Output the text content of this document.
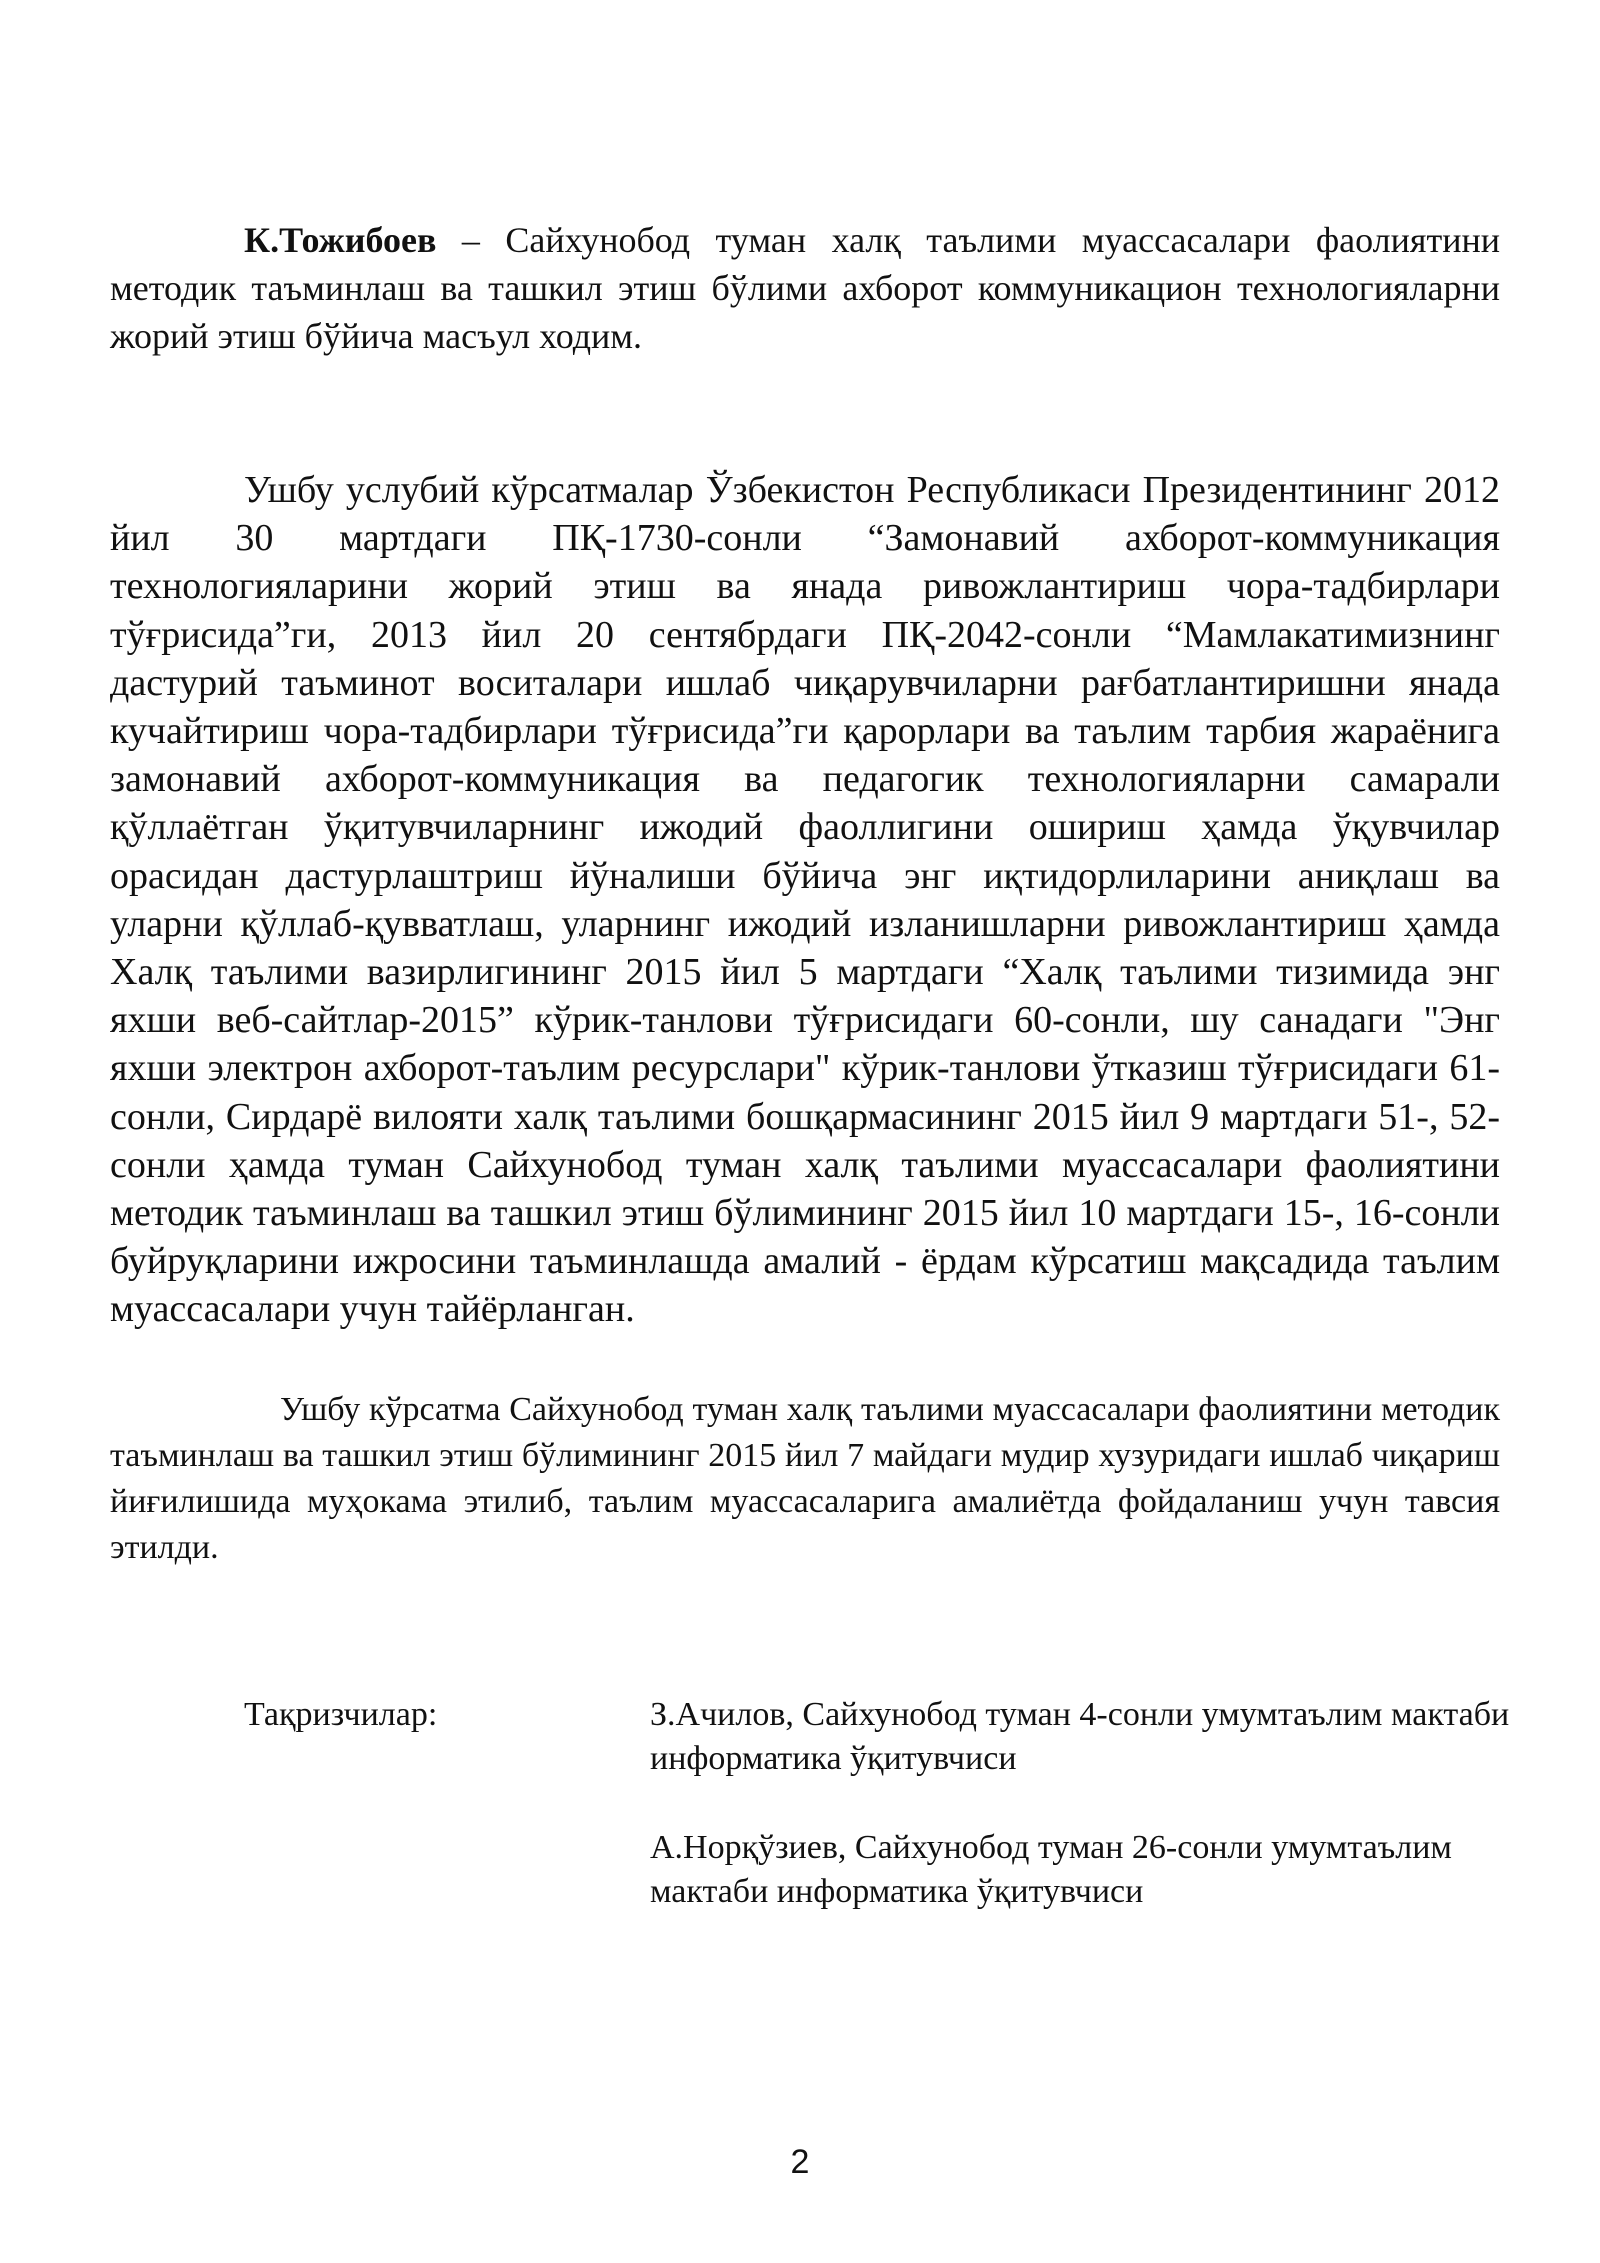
К.Тожибоев – Сайхунобод туман халқ таълими муассасалари фаолиятини методик таъминлаш ва ташкил этиш бўлими ахборот коммуникацион технологияларни жорий этиш бўйича масъул ходим.

Ушбу услубий кўрсатмалар Ўзбекистон Республикаси Президентининг 2012 йил 30 мартдаги ПҚ-1730-сонли “Замонавий ахборот-коммуникация технологияларини жорий этиш ва янада ривожлантириш чора-тадбирлари тўғрисида”ги, 2013 йил 20 сентябрдаги ПҚ-2042-сонли “Мамлакатимизнинг дастурий таъминот воситалари ишлаб чиқарувчиларни рағбатлантиришни янада кучайтириш чора-тадбирлари тўғрисида”ги қарорлари ва таълим тарбия жараёнига замонавий ахборот-коммуникация ва педагогик технологияларни самарали қўллаётган ўқитувчиларнинг ижодий фаоллигини ошириш ҳамда ўқувчилар орасидан дастурлаштриш йўналиши бўйича энг иқтидорлиларини аниқлаш ва уларни қўллаб-қувватлаш, уларнинг ижодий изланишларни ривожлантириш ҳамда Халқ таълими вазирлигининг 2015 йил 5 мартдаги “Халқ таълими тизимида энг яхши веб-сайтлар-2015” кўрик-танлови тўғрисидаги 60-сонли, шу санадаги "Энг яхши электрон ахборот-таълим ресурслари" кўрик-танлови ўтказиш тўғрисидаги 61-сонли, Сирдарё вилояти халқ таълими бошқармасининг 2015 йил 9 мартдаги 51-, 52-сонли ҳамда туман Сайхунобод туман халқ таълими муассасалари фаолиятини методик таъминлаш ва ташкил этиш бўлимининг 2015 йил 10 мартдаги 15-, 16-сонли буйруқларини ижросини таъминлашда амалий - ёрдам кўрсатиш мақсадида таълим муассасалари учун тайёрланган.

Ушбу кўрсатма Сайхунобод туман халқ таълими муассасалари фаолиятини методик таъминлаш ва ташкил этиш бўлимининг 2015 йил 7 майдаги мудир хузуридаги ишлаб чиқариш йиғилишида муҳокама этилиб, таълим муассасаларига амалиётда фойдаланиш учун тавсия этилди.

Тақризчилар:	З.Ачилов, Сайхунобод туман 4-сонли умумтаълим мактаби информатика ўқитувчиси

А.Норқўзиев, Сайхунобод туман 26-сонли умумтаълим мактаби информатика ўқитувчиси

2
